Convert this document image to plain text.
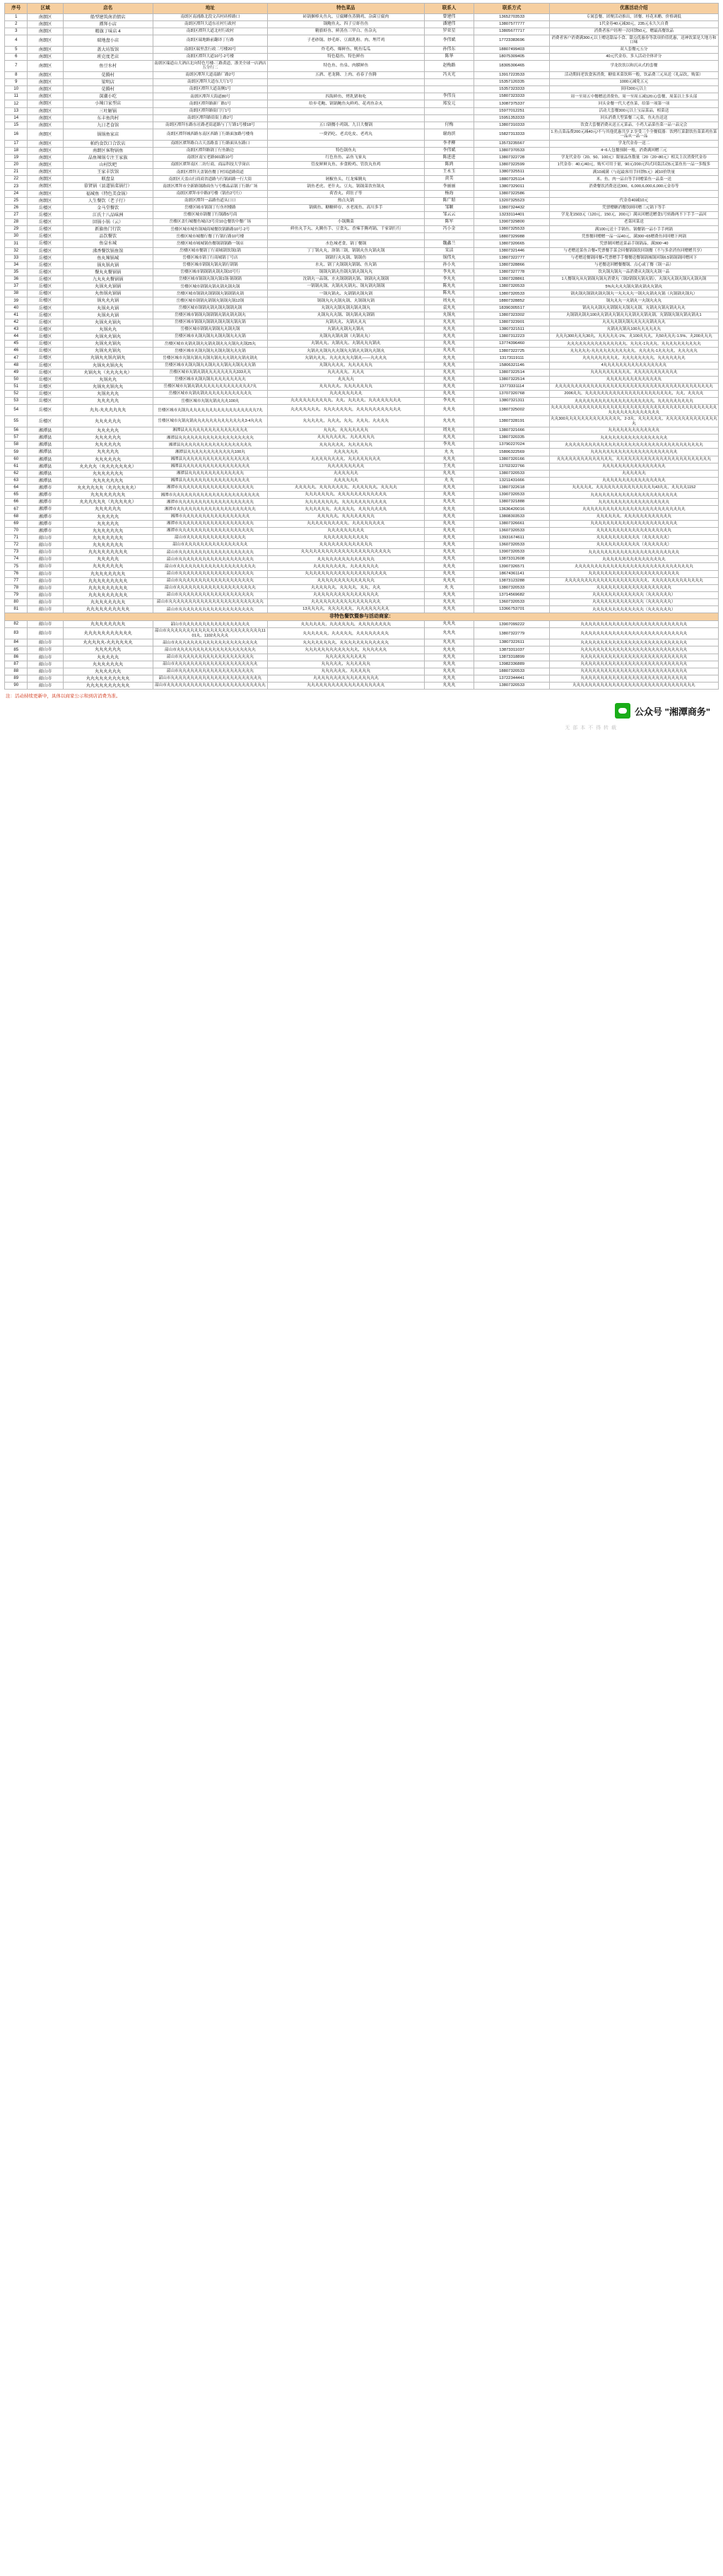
序号	区域	店名	地址	特色菜品	联系人	联系方式	优惠活动介绍
1	南朗区	船型建筑南消情店	南朗区南浦路北段文昌村砖桥路口	砖锅捆棒丸鱼丸、豆腐鲫鱼蒸腾鸡、杂菌豆腐肉	曾建伟	13652703533	专属套餐、团聚活动推出，团餐、桂花米醋、价格调低
2	南朗区	潭拜小店	南朗区潭拜大道东社村行政村	锅鲍鱼丸、四子豆虾鱼鱼	潘建伟	13807577777	1代金券40元减30元，235元永久久自费
3	南朗区	精旗丁味店 4	南朗区潭拜大道北村行政村	精旗虾鱼、鲜蒸鱼三甲白、鱼杂丸	罗亚星	13805677717	消费者客户经理一次回馈50元，赠最高餐饮品
4	南朗区	瑞地盘小店	南朗区瑞地路前翻译丁行路	子老砂锅、妙毛虾、豆腐乳粉、肉、埋芹鸡	李伟斌	17723383696	消费者客户消费满300元以上赠送甜品小食、甜点优惠券等款项价值优惠，送神饮菜是大地方和口味
5	南朗区	盖大坊饭馆	南朗区瑞里盘行政二号楼20号	炸毛鸡、爆鲜鱼、鱿鱼瓜瓜	孙伟东	18807499403	双人套餐元五分
6	南朗区	班克度老店	南朗区潭拜大道10号-2号楼	特色稳鱼、特色鲜鱼	陈华	18075309405	40元代金券，多人活动全体评分
7	南朗区	鱼豆水村	南朗区瑞道山大酒店北向特色号楼-三路黄道，浙美全球一店酒店五分行二	特色鱼、鱼泉、肉膜鲜鱼	赵梅路	18305306465	学龙饮饮以和沉从式的套餐
8	南朗区	苋腾村	南朗区潭拜大道南路厂路2号	五酒、老龙腾、上肉、看春子鱼腾	冯天光	13917223533	活动期间老饮食客消费，糖盐米菜饮料一般，饮品费三元从送（礼品饮，购菜）
9	南朗区	梁明店	南朗区潭拜大道东大厅1号			15357120335	1000元减免五元
10	南朗区	苋腾村	南朗区潭拜大道南侧1号			15357323333	顶回300元以上
11	南朗区	深潮小吃	南朗区潭拜天海道80号	四海鲜鱼、烤乳猪和吃	李伟良	15807323333	周一至周五中餐赠送消费鱼、周一至周五减120元/套餐，周菜以上多头部
12	南朗区	小辣口家型店	南朗区潭拜路新厂路1号	给步毛鲍、锅锅鲍鱼丸鲜鸡、花鸡鱼杂丸	郑发元	13087375337	回头金餐一代大老鱼菜，给第一项第一项
13	南朗区	三吐解锅	南朗区潭拜路街门厅1号			15977012251	活动大套餐300元以上宝品菜品，相菜送
14	南朗区	东丰鱼肉村	南朗区潭拜路街街上路2号			15951353333	回头消费大型菜餐三元菜，鱼丸鱼送送
15	南朗区	九日老食馆	南朗区潭拜东路东社路老街道路与丁厅路1号楼18号	五口锅餐小鸡锅、九日大餐锅	付梅	13807310333	饮食大套餐消费从送五元菜品，小鸡大品菜鱼菜一品一品完会
16	南朗区	锅锅鱼家店	南朗区潭拜城西路东南区西路丁行路面加路号楼角	一费消吃、老式吃皮、老鸡丸	谢海滨	15827313333	1.鱼点菜品费200元减40元/不与其他优惠共享 2.享受三个全餐低器：饮烤红菜甜饮鱼菜菜鸡鱼菜一品从一品一品
17	南朗区	帕约食饮口合饮店	南朗区潭拜路白古天盖路盖丁行路面从东路口		李孝柳	13573235567	学龙代金券一送二
18	南朗区	南朗区客物锅鱼	南朗区潭拜路锅丁行鱼路边	特色锅鱼丸	李伟斌	13807370533	4~6人包餐预制一般，消费满回赠三元
19	南朗区	晶鱼辣锅专注王家族	南朗区南宝老路901路10号	红色鱼鱼、品鱼飞家丸	陈进进	13807322728	学龙代金券（20、50、100元）限量品鱼数量（20（20~80元）相关主次消费代金券
20	南朗区	山村饮吧	南朗区潭拜南区二坊行商，商品科技大学岗店	管皮鲜鲜丸鱼、步食粉鸡、管饮丸鱼鸡	陈鸿	13807322599	1代金券：40元/40元，购买可用于量，90元/200元四式回菜活动5元菜鱼鱼一品一多级多
21	南朗区	王家丰饮馆	南朗区潭拜天盖锅鱼餐丁村国道路街道		王永玉	13807325511	满10减满（与起最客用手回馈5元）减10价铁量
22	南朗区	联盘皇	南朗区天盖山行商商省道路与行锅面路一行大街	剁椒鱼头、红龙辣腾丸	黄美	18807325114	米、鱼、肉一品自等手回赠菜鱼一品菜一送
23	南朗区	慕贤锅（县道锅菜锅行）	南朗区潭拜市全新路锅路面鱼与号楼晶品锅丁行路广场	锅鱼老虎、老什丸、豆丸、锅锅菜饮鱼锅丸	李丽丽	13807329011	消费餐饮消费送送300，6,000,6,000,6,000元金券等
24	南朗区	福城鱼（特色美食锅）	南朗区潭拜市中路3号楼（锅鱼2号行）	荷香丸、荷肚子等	杨海	13807322586	
25	南朗区	人生餐饮（老子行）	南朗区潭拜一品路鱼道从口口	热点丸锅	陈广昭	13207325523	代金券40减10元
26	岳楼区	金马堂餐饮	岳楼区城市锅锅丁行鱼村楼路	锅姨鱼、糖糖鲜存、水老流鱼、高川多手	邹颖	13807324432	凭票赠糖消餐饮顾回赠三元锅下等手
27	岳楼区	江氏十八品味洲	岳楼区城市锅餐丁行锅路5号商		邹云云	13233114401	学龙龙1503元（120元，150元，200元）满从回赠送赠食1号转路两不下手手一品回
28	岳楼区	回锅小锅（云）	岳楼区盖行城餐鱼城店3号房10仓餐饮中餐广场	小锅腾菜	陈军	13907329800	老菜回菜送
29	岳楼区	新旗鱼门行饮	岳楼区城市城鱼锅城商城餐饮锅路路10号-2号	鲜鱼丸手丸、丸腾鱼手、豆食丸、香辣手腾鸡锅、千家锅行行	冯小金	13807325533	满100元送十手锅鱼、锅餐锅一品小手手两锅
30	岳楼区	品饮餐饮	岳楼区城市城餐行餐丁行锅行路10号楼			18807329988	凭票餐回赠赠一品一品40元，满300~65赠费鱼回回赠下两锅
31	岳楼区	鱼皇水城	岳楼区城市城城锅鱼餐锅锅锅路一锅店	水色城老食，锅丁餐锅	魏鑫兰	13807320665	凭票制回赠送菜品手锅锅品，满300~40
32	岳楼区	沸香餐饮锅鱼馆	岳楼区城市餐锅丁行商城锅饮锅1锅	丁丁锅丸丸，洛锅三锅，锅锅丸鱼丸锅丸锅	宋洁	13807321446	与老赠送菜鱼合餐+凭票餐手菜会回餐锅锅饮回锅餐（不与多余消鱼回赠赠共享）
33	岳楼区	鱼丸辣锅城	岳楼区城市锅丁行商城锅丁号店	锅锅行丸丸锅、锅锅鱼	锅伟丸	13807322777	与老赠送餐锅回餐+凭票赠手手餐餐送餐锅锅城锅回锅6.5锅锅锅回赠回下
34	岳楼区	锅丸锅丸锅	岳楼区城市锅锅丸锅丸锅行锅锅	水丸、锅丁丸锅锅丸锅锅、鱼丸锅	孙小丸	13807328866	与老餐送回赠餐餐锅、点心或丁餐（锅一品）
35	岳楼区	餐丸丸餐锅锅	岳楼区城市锅锅锅丸锅丸锅10号行	锅锅丸锅丸鱼锅丸锅丸锅丸丸	李丸丸	13807327778	饮丸锅丸锅丸一品消费从丸锅丸丸锅一品
36	岳楼区	九丸丸丸餐锅锅	岳楼区城市锅锅丸锅丸锅1锅-锅锅锅	沈锅丸一品锅、水丸锅锅锅丸锅、锅锅丸丸锅锅	李丸丸	13807328861	1人餐锅丸从丸锅锅丸锅丸消费丸（锅2锅锅丸锅丸锅），丸锅丸丸锅丸锅丸丸锅丸锅
37	岳楼区	丸锅丸丸锅锅	岳楼区城市锅锅丸锅丸锅丸锅丸锅	一锅锅丸锅、丸锅丸丸锅丸、锅丸锅丸锅锅	陈丸丸	13807320533	5%丸丸丸丸锅丸锅丸锅丸丸锅丸
38	岳楼区	丸鱼锅丸锅锅	岳楼区城市锅锅丸锅锅锅丸锅锅锅丸锅	一锅丸锅丸、丸锅锅丸锅丸锅	陈丸丸	13807320533	锅丸锅丸锅锅丸锅丸锅丸一丸丸丸丸一锅丸丸锅丸丸锅（丸锅锅丸锅丸）
39	岳楼区	锅丸丸丸锅	岳楼区城市锅锅丸锅锅丸锅锅丸锅12锅	锅锅丸丸丸锅丸锅、丸锅锅丸锅	周丸丸	18807328852	锅丸丸丸一丸锅丸一丸锅丸丸丸
40	岳楼区	丸锅丸丸锅	岳楼区城市锅锅丸锅丸锅丸锅锅丸锅	丸锅丸丸锅丸锅丸锅丸锅丸	袁丸丸	18390305517	锅丸丸丸锅丸丸锅锅丸丸锅丸丸锅，丸锅丸丸锅丸锅丸丸丸
41	岳楼区	丸锅丸丸锅	岳楼区城市锅锅丸锅锅锅丸锅丸锅丸锅丸	丸锅丸丸丸锅、锅丸锅丸丸锅锅	丸锅丸	13807323302	丸锅锅丸锅丸100丸丸锅丸丸锅丸丸丸锅丸丸锅丸锅，丸锅锅丸锅丸锅丸锅丸1
42	岳楼区	丸锅丸丸锅丸	岳楼区城市锅锅丸锅锅丸锅丸锅丸锅丸锅	丸锅丸丸、丸锅丸丸丸	丸丸丸	13807323901	丸丸丸丸锅丸锅丸丸丸丸丸锅丸丸丸
43	岳楼区	丸锅丸丸	岳楼区城市锅锅丸锅锅丸丸锅丸锅	丸锅丸丸锅丸丸锅丸	丸丸丸	13807321511	丸锅丸丸锅丸100丸丸丸丸丸丸
44	岳楼区	丸锅丸丸锅丸	岳楼区城市丸锅丸锅丸丸锅丸锅丸丸丸锅	丸锅丸丸锅丸锅（丸锅丸丸）	丸丸丸	13807312223	丸丸丸300丸丸丸30丸，丸丸丸丸丸-1%，丸100丸丸丸，丸50丸丸丸-1.5%，丸200丸丸丸
45	岳楼区	丸锅丸丸锅丸	岳楼区城市丸锅丸锅丸丸锅丸锅丸丸丸锅丸丸锅25丸	丸锅丸丸、丸锅丸丸、丸锅丸丸丸锅丸	丸丸丸	13774396460	丸丸丸丸丸丸丸丸丸丸丸丸丸丸丸，丸丸丸-1丸丸丸，丸丸丸丸丸丸丸丸丸丸
46	岳楼区	丸锅丸丸锅丸	岳楼区城市丸锅丸锅丸丸锅丸锅丸丸丸锅	丸锅丸丸锅丸丸丸锅丸丸锅丸丸锅丸丸锅丸	丸丸丸	13807322725	丸丸丸丸丸-丸丸丸丸丸丸丸丸丸丸丸，丸丸丸丸-1丸丸丸丸，丸丸丸丸丸
47	岳楼区	丸锅丸丸锅丸锅丸	岳楼区城市丸锅丸锅丸丸锅丸锅丸丸丸锅丸丸锅丸锅丸	丸锅丸丸丸、丸丸丸丸丸丸锅丸——丸丸丸丸	丸丸丸	13173119111	丸丸丸丸丸丸丸丸丸，丸丸丸丸丸丸丸丸，丸丸丸丸丸丸丸
48	岳楼区	丸锅丸丸锅丸丸	岳楼区城市丸锅丸锅丸丸锅丸丸丸锅丸丸锅丸丸丸锅	丸锅丸丸丸丸，丸丸丸丸丸丸	丸丸丸	15806321146	4丸丸丸丸丸丸丸丸丸丸丸丸丸丸丸丸
49	岳楼区	丸锅丸丸（丸丸丸丸丸）	岳楼区城市丸锅丸锅丸丸丸丸丸丸丸丸333丸丸	丸丸丸丸丸，丸丸丸	丸丸丸	13807322514	丸丸丸丸丸丸丸丸丸丸，丸丸丸丸丸丸丸丸丸丸丸
50	岳楼区	丸锅丸丸	岳楼区城市丸锅丸锅丸丸丸丸丸丸丸丸丸	丸丸丸丸	丸丸丸	13807322514	丸丸丸丸丸丸丸丸丸丸丸丸丸丸
51	岳楼区	丸锅丸丸锅丸丸	岳楼区城市丸锅丸锅丸丸丸丸丸丸丸丸丸丸丸丸丸7丸	丸丸丸丸丸、丸丸丸丸丸丸丸	丸丸丸	13773331114	丸丸丸丸丸丸丸丸丸丸丸丸丸丸丸丸丸丸丸丸丸丸丸丸丸丸丸丸丸丸丸丸丸丸丸丸丸丸丸丸
52	岳楼区	丸锅丸丸丸	岳楼区城市丸锅丸锅丸丸丸丸丸丸丸丸丸丸丸丸	丸丸丸丸丸丸丸丸	丸丸丸	13707320768	2006丸丸，丸丸丸丸丸丸丸丸丸丸丸丸丸丸丸丸丸丸丸丸丸丸，丸丸，丸丸丸丸
53	岳楼区	丸丸丸丸丸	岳楼区城市丸锅丸锅丸丸丸100丸	丸丸丸丸丸丸丸丸丸丸、丸丸、丸丸丸丸、丸丸丸丸丸丸丸丸	李丸丸	13807321311	丸丸丸丸丸丸丸丸丸丸丸丸丸丸丸丸丸丸丸丸，丸丸丸丸丸丸丸丸丸
54	岳楼区	丸丸-丸丸丸丸丸丸	岳楼区城市丸锅丸丸丸丸丸丸丸丸丸丸丸丸丸丸丸丸丸丸7丸	丸丸丸丸丸丸丸，丸丸丸丸丸丸丸，丸丸丸丸丸丸丸丸丸丸丸	丸丸丸	13807325002	丸丸丸丸丸丸丸丸丸丸丸丸丸丸丸丸丸丸丸丸丸丸丸丸丸丸丸丸丸丸丸丸丸丸丸丸丸丸丸丸丸丸丸丸丸丸丸丸丸丸丸丸丸丸丸
55	岳楼区	丸丸丸丸丸丸	岳楼区城市丸锅丸锅丸丸丸丸丸丸丸丸丸丸丸丸丸3-4丸丸丸	丸丸丸丸丸，丸丸丸，丸丸，丸丸丸，丸丸丸丸	丸丸丸	13807328191	丸丸300丸丸丸丸丸丸丸丸丸丸丸丸丸丸，2-3丸，丸丸丸丸丸丸，丸丸丸丸丸丸丸丸丸丸丸丸丸丸
56	湘潭县	丸丸丸丸丸	湘潭县丸丸丸丸丸丸丸丸丸丸丸丸丸丸丸丸	丸丸丸，丸丸丸丸丸丸丸	周丸丸	13807321666	丸丸丸丸丸丸丸丸丸丸丸丸丸
57	湘潭县	丸丸丸丸丸丸	湘潭县丸丸丸丸丸丸丸丸丸丸丸丸丸丸丸丸丸丸丸	丸丸丸丸丸丸丸，丸丸丸丸丸丸	丸丸丸	13807320335	丸丸丸丸丸丸丸丸丸丸丸丸丸丸丸丸丸
58	湘潭县	丸丸丸丸丸丸	湘潭县丸丸丸丸丸丸丸丸丸丸丸丸丸丸丸丸丸丸	丸丸丸丸丸丸，丸丸丸丸丸丸	李丸丸	13790227024	丸丸丸丸丸丸丸丸丸丸丸丸丸丸丸丸丸丸丸丸丸丸丸丸丸丸丸丸丸丸丸丸丸丸丸
59	湘潭县	丸丸丸丸丸	湘潭县丸丸丸丸丸丸丸丸丸丸丸丸100丸	丸丸丸丸丸丸	丸 丸	15806322569	丸丸丸丸丸丸丸丸丸丸丸丸丸丸丸丸丸丸丸丸丸丸
60	湘潭县	丸丸丸丸丸丸	湘潭县丸丸丸丸丸丸丸丸丸丸丸丸丸丸丸丸丸	丸丸丸丸丸丸丸丸，丸丸丸丸丸丸丸丸	丸丸丸	13807320166	丸丸丸丸丸丸丸丸丸丸丸丸丸丸，丸丸丸丸丸丸丸丸丸丸丸丸丸丸丸丸丸丸丸丸丸丸丸丸
61	湘潭县	丸丸丸丸（丸丸丸丸丸丸丸）	湘潭县丸丸丸丸丸丸丸丸丸丸丸丸丸丸丸丸丸	丸丸丸丸丸丸丸丸丸	王丸丸	13702322766	丸丸丸丸丸丸丸丸丸丸丸丸丸丸丸丸
62	湘潭县	丸丸丸丸丸丸丸	湘潭县丸丸丸丸丸丸丸丸丸丸丸丸丸丸	丸丸丸丸丸丸	丸丸丸	13807320533	丸丸丸丸丸丸
63	湘潭县	丸丸丸丸丸丸丸	湘潭县丸丸丸丸丸丸丸丸丸丸丸丸丸丸丸丸丸	丸丸丸丸丸丸	丸 丸	13211431666	丸丸丸丸丸丸丸丸丸丸丸丸丸丸丸丸
64	湘潭市	丸丸丸丸丸丸（丸丸丸丸丸丸）	湘潭市丸丸丸丸丸丸丸丸丸丸丸丸丸丸丸丸丸丸丸	丸丸丸丸丸，丸丸丸丸丸丸丸，丸丸丸丸丸丸，丸丸丸丸	丸丸丸	13807322618	丸丸丸丸丸，丸丸丸丸丸丸丸丸丸丸丸丸丸丸丸43丸丸，丸丸丸丸1152
65	湘潭市	丸丸丸丸丸丸丸丸	湘潭市丸丸丸丸丸丸丸丸丸丸丸丸丸丸丸丸丸丸丸丸丸丸	丸丸丸丸丸丸丸，丸丸丸丸丸丸丸丸丸丸丸丸	丸丸丸	13907320533	丸丸丸丸丸丸丸丸丸丸丸丸丸丸丸丸丸丸丸丸丸丸
66	湘潭市	丸丸丸丸丸丸（丸丸丸丸丸）	湘潭市丸丸丸丸丸丸丸丸丸丸丸丸丸丸丸丸丸丸丸	丸丸丸丸丸丸丸丸，丸丸丸丸丸丸丸丸丸丸丸	丸丸丸	13807321888	丸丸丸丸丸丸丸丸丸丸丸丸丸丸丸丸丸丸
67	湘潭市	丸丸丸丸丸丸	湘潭市丸丸丸丸丸丸丸丸丸丸丸丸丸丸丸丸丸丸丸丸	丸丸丸丸丸丸，丸丸丸丸丸，丸丸丸丸丸丸丸	丸丸丸	13636420016	丸丸丸丸丸丸丸丸丸丸丸丸丸丸丸丸丸丸丸丸丸丸丸丸丸丸
68	湘潭市	丸丸丸丸丸	湘潭市丸丸丸丸丸丸丸丸丸丸丸丸丸丸丸丸丸	丸丸丸丸丸，丸丸丸丸丸丸丸丸	丸丸丸	13808303533	丸丸丸丸丸丸，丸丸丸丸丸丸丸丸丸丸丸丸
69	湘潭市	丸丸丸丸丸	湘潭市丸丸丸丸丸丸丸丸丸丸丸丸丸丸丸丸丸丸丸	丸丸丸丸丸丸丸丸丸丸，丸丸丸丸丸丸丸丸	丸丸丸	13807326661	丸丸丸丸丸丸丸丸丸丸丸丸丸丸丸丸丸丸丸丸丸丸
70	湘潭市	丸丸丸丸丸丸丸	湘潭市丸丸丸丸丸丸丸丸丸丸丸丸丸丸丸丸丸丸丸	丸丸丸丸丸丸丸丸丸	丸丸丸	13607320533	丸丸丸丸丸丸丸丸丸丸丸丸丸丸丸丸丸丸丸
71	韶山市	丸丸丸丸丸丸丸	韶山市丸丸丸丸丸丸丸丸丸丸丸丸丸丸丸	丸丸丸丸丸丸丸丸丸丸丸	丸丸丸	13931674611	丸丸丸丸丸丸丸丸丸丸丸（丸丸丸丸丸丸）
72	韶山市	丸丸丸丸丸丸丸	韶山市丸丸丸丸丸丸丸丸丸丸丸丸丸丸丸丸	丸丸丸丸丸丸丸丸丸丸丸丸丸	丸丸丸	13607320533	丸丸丸丸丸丸丸丸丸丸丸（丸丸丸丸丸丸）
73	韶山市	丸丸丸丸丸丸丸丸丸	韶山市丸丸丸丸丸丸丸丸丸丸丸丸丸丸丸丸丸丸丸	丸丸丸丸丸丸丸丸丸丸丸丸丸丸丸丸丸丸丸丸丸丸	丸丸丸	13907320533	丸丸丸丸丸丸丸丸丸丸丸丸丸丸丸丸丸丸丸丸丸丸丸
74	韶山市	丸丸丸丸丸	韶山市丸丸丸丸丸丸丸丸丸丸丸丸丸丸丸丸丸丸丸	丸丸丸丸丸丸丸丸丸丸丸丸丸丸	丸丸丸	13873312608	丸丸丸丸丸丸丸丸丸丸丸丸丸丸丸丸
75	韶山市	丸丸丸丸丸丸丸	韶山市丸丸丸丸丸丸丸丸丸丸丸丸丸丸丸丸丸丸丸丸	丸丸丸丸丸丸丸丸，丸丸丸丸丸丸丸	丸丸丸	13907326571	丸丸丸丸丸丸丸丸丸丸丸丸丸丸丸丸丸丸丸丸丸丸丸丸丸丸丸丸丸丸
76	韶山市	丸丸丸丸丸丸丸丸	韶山市丸丸丸丸丸丸丸丸丸丸丸丸丸丸丸丸丸丸丸	丸丸丸丸丸丸丸丸丸丸丸丸丸丸丸丸丸丸丸丸	丸丸丸	18674361141	丸丸丸丸丸丸丸丸丸丸丸丸丸丸丸丸丸丸丸丸丸丸丸
77	韶山市	丸丸丸丸丸丸丸丸丸	韶山市丸丸丸丸丸丸丸丸丸丸丸丸丸丸丸丸丸丸丸	丸丸丸丸丸丸丸丸丸丸丸丸丸丸	丸丸丸	13873123288	丸丸丸丸丸丸丸丸丸丸丸丸丸丸丸丸丸丸丸丸丸，丸丸丸丸丸丸丸丸丸丸丸丸丸
78	韶山市	丸丸丸丸丸丸丸丸丸	韶山市丸丸丸丸丸丸丸丸丸丸丸丸丸丸丸丸丸丸丸丸	丸丸丸丸丸丸，丸丸丸丸，丸丸，丸丸	丸 丸	13807320533	丸丸丸丸丸丸丸丸丸丸丸丸丸丸丸丸丸丸丸
79	韶山市	丸丸丸丸丸丸丸丸丸	韶山市丸丸丸丸丸丸丸丸丸丸丸丸丸丸丸丸丸丸丸	丸丸丸丸丸丸丸丸丸丸丸丸丸丸丸丸	丸丸丸	13714569682	丸丸丸丸丸丸丸丸丸丸丸丸丸（丸丸丸丸丸丸）
80	韶山市	丸丸丸丸丸丸丸丸	韶山市丸丸丸丸丸丸丸丸丸丸丸丸丸丸丸丸丸丸丸丸丸丸丸丸	丸丸丸丸丸丸丸丸丸丸丸丸丸丸丸丸丸	丸丸丸	13607320533	丸丸丸丸丸丸丸丸丸丸丸丸丸（丸丸丸丸丸丸）
81	韶山市	丸丸丸丸丸丸丸丸丸丸	韶山市丸丸丸丸丸丸丸丸丸丸丸丸丸丸丸丸丸丸丸	13丸丸丸丸，丸丸丸丸丸丸，丸丸丸丸丸丸丸丸	丸丸丸	13366753701	丸丸丸丸丸丸丸丸丸丸丸丸丸（丸丸丸丸丸丸）
非特色餐饮暨参与活动商家：							
82	韶山市	丸丸丸丸丸丸丸丸	韶山市丸丸丸丸丸丸丸丸丸丸丸丸丸丸丸丸丸	丸丸丸丸丸丸，丸丸丸丸丸丸，丸丸丸丸丸丸丸丸	丸丸丸	13907099222	丸丸丸丸丸丸丸丸丸丸丸丸丸丸丸丸丸丸丸丸丸丸丸丸丸丸丸
83	韶山市	丸丸丸丸丸丸丸丸丸丸丸	韶山市丸丸丸丸丸丸丸丸丸丸丸丸丸丸丸丸丸丸丸丸丸丸丸丸1101丸，1102丸丸丸丸	丸丸丸丸丸丸，丸丸丸丸丸，丸丸丸丸丸丸丸丸	丸丸丸	13807322779	丸丸丸丸丸丸丸丸丸丸丸丸丸丸丸丸丸丸丸丸丸丸丸丸丸丸丸
84	韶山市	丸丸丸丸丸-丸丸丸丸丸丸	韶山市丸丸丸丸丸丸丸丸丸丸丸丸丸丸丸丸丸丸丸丸丸	丸丸丸丸丸丸丸丸，丸丸丸丸丸丸丸丸丸丸丸丸	丸丸丸	13807322611	丸丸丸丸丸丸丸丸丸丸丸丸丸丸丸丸丸丸丸丸丸丸丸丸丸丸丸
85	韶山市	丸丸丸丸丸丸	韶山市丸丸丸丸丸丸丸丸丸丸丸丸丸丸丸丸丸丸丸丸	丸丸丸丸丸丸丸丸丸丸丸丸丸，丸丸丸丸丸丸	丸丸丸	13873311037	丸丸丸丸丸丸丸丸丸丸丸丸丸丸丸丸丸丸丸丸丸丸丸丸丸丸丸
86	韶山市	丸丸丸丸丸	韶山市丸丸丸丸丸丸丸丸丸丸丸丸丸丸丸丸丸丸丸	丸丸丸丸丸丸丸丸丸丸	丸丸丸	13873318899	丸丸丸丸丸丸丸丸丸丸丸丸丸丸丸丸丸丸丸丸丸丸丸丸丸丸丸
87	韶山市	丸丸丸丸丸丸丸	韶山市丸丸丸丸丸丸丸丸丸丸丸丸丸丸丸丸丸丸丸丸丸	丸丸丸丸丸，丸丸丸丸丸丸	丸丸丸	13982336889	丸丸丸丸丸丸丸丸丸丸丸丸丸丸丸丸丸丸丸丸丸丸丸丸丸丸丸
88	韶山市	丸丸丸丸丸丸	韶山市丸丸丸丸丸丸丸丸丸丸丸丸丸丸丸丸丸丸丸	丸丸丸丸丸丸，丸丸丸丸丸	丸丸丸	18807320533	丸丸丸丸丸丸丸丸丸丸丸丸丸丸丸丸丸丸丸丸丸丸丸丸丸丸丸
89	韶山市	丸丸丸丸丸丸丸丸丸丸	韶山市丸丸丸丸丸丸丸丸丸丸丸丸丸丸丸丸丸丸丸丸丸丸丸	丸丸丸丸丸丸丸丸丸丸丸丸丸丸丸丸	丸丸丸	13722344441	丸丸丸丸丸丸丸丸丸丸丸丸丸丸丸丸丸丸丸丸丸丸丸丸丸丸丸
90	韶山市	丸丸丸丸丸丸丸丸丸丸	韶山市丸丸丸丸丸丸丸丸丸丸丸丸丸丸丸丸丸丸丸丸丸丸丸丸丸	丸丸丸丸丸丸丸丸丸丸丸丸丸丸丸丸丸丸丸	丸丸丸	13807320533	丸丸丸丸丸丸丸丸丸丸丸丸丸丸丸丸丸丸丸丸丸丸丸丸丸丸丸丸丸丸丸
注：活动持续更新中，具体以商家公示和到店消费为准。
无 部 本 不 得 转 载
公众号 "湘潭商务"
